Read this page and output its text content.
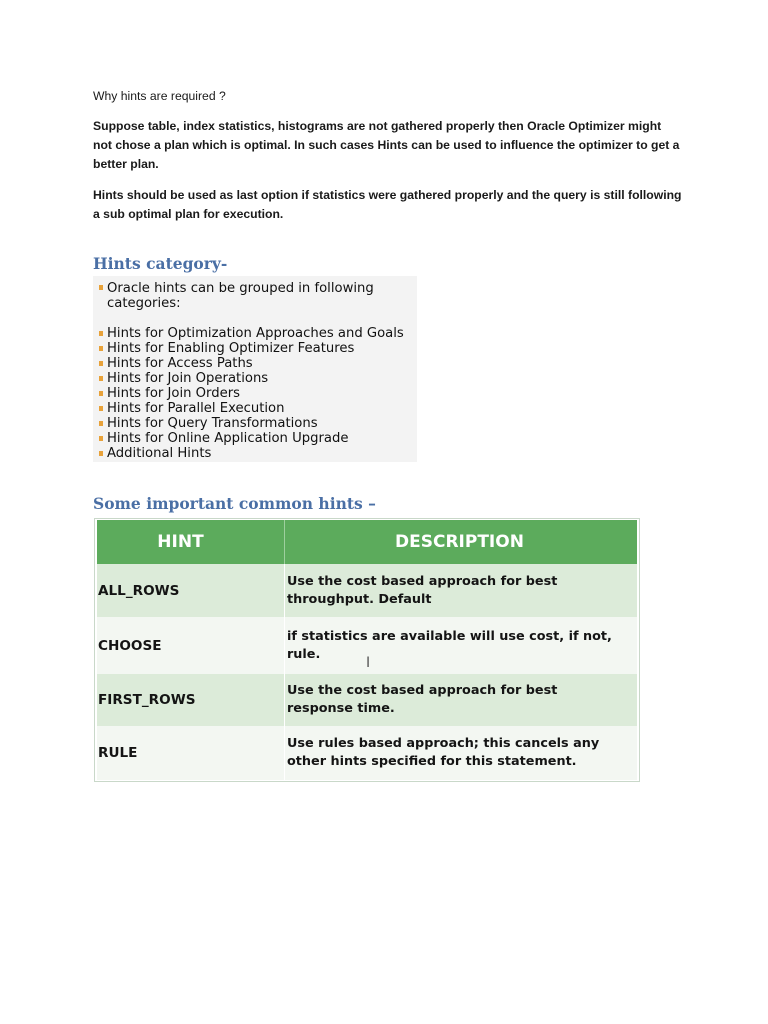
Why hints are required ?

Suppose table, index statistics, histograms are not gathered properly then Oracle Optimizer might not chose a plan which is optimal. In such cases Hints can be used to influence the optimizer to get a better plan.

Hints should be used as last option if statistics were gathered properly and the query is still following a sub optimal plan for execution.

Hints category-
Oracle hints can be grouped in following
categories:
Hints for Optimization Approaches and Goals
Hints for Enabling Optimizer Features
Hints for Access Paths
Hints for Join Operations
Hints for Join Orders
Hints for Parallel Execution
Hints for Query Transformations
Hints for Online Application Upgrade
Additional Hints
Some important common hints –
HINT	DESCRIPTION
ALL_ROWS	Use the cost based approach for best throughput. Default
CHOOSE	if statistics are available will use cost, if not, rule.
FIRST_ROWS	Use the cost based approach for best response time.
RULE	Use rules based approach; this cancels any other hints specified for this statement.
I
